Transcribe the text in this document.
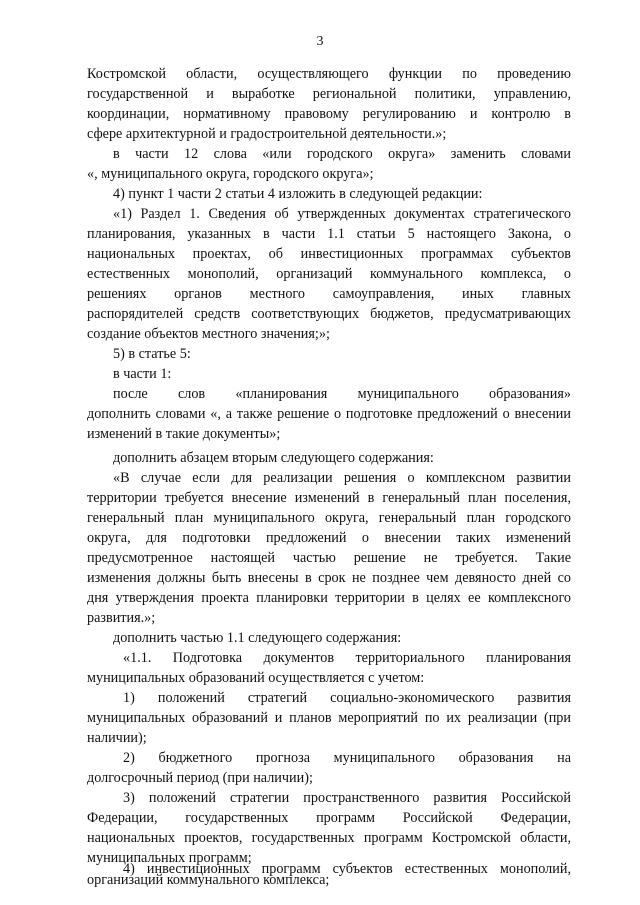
3
Костромской области, осуществляющего функции по проведению
государственной и выработке региональной политики, управлению,
координации, нормативному правовому регулированию и контролю в
сфере архитектурной и градостроительной деятельности.»;
в части 12 слова «или городского округа» заменить словами
«, муниципального округа, городского округа»;
4) пункт 1 части 2 статьи 4 изложить в следующей редакции:
«1) Раздел 1. Сведения об утвержденных документах стратегического
планирования, указанных в части 1.1 статьи 5 настоящего Закона, о
национальных проектах, об инвестиционных программах субъектов
естественных монополий, организаций коммунального комплекса, о
решениях органов местного самоуправления, иных главных
распорядителей средств соответствующих бюджетов, предусматривающих
создание объектов местного значения;»;
5) в статье 5:
в части 1:
после слов «планирования муниципального образования»
дополнить словами «, а также решение о подготовке предложений о внесении
изменений в такие документы»;
дополнить абзацем вторым следующего содержания:
«В случае если для реализации решения о комплексном развитии
территории требуется внесение изменений в генеральный план поселения,
генеральный план муниципального округа, генеральный план городского
округа, для подготовки предложений о внесении таких изменений
предусмотренное настоящей частью решение не требуется. Такие
изменения должны быть внесены в срок не позднее чем девяносто дней со
дня утверждения проекта планировки территории в целях ее комплексного
развития.»;
дополнить частью 1.1 следующего содержания:
«1.1. Подготовка документов территориального планирования
муниципальных образований осуществляется с учетом:
1) положений стратегий социально-экономического развития
муниципальных образований и планов мероприятий по их реализации (при
наличии);
2) бюджетного прогноза муниципального образования на
долгосрочный период (при наличии);
3) положений стратегии пространственного развития Российской
Федерации, государственных программ Российской Федерации,
национальных проектов, государственных программ Костромской области,
муниципальных программ;
4) инвестиционных программ субъектов естественных монополий,
организаций коммунального комплекса;
